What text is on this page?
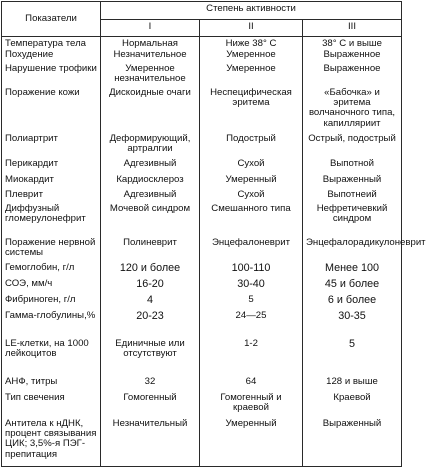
Показатели	Степень активности		
	I	II	III
Температура тела	Нормальная	Ниже 38° С	38° С и выше
Похудение	Незначительное	Умеренное	Выраженное
Нарушение трофики	Умеренное незначительное	Умеренное	Выраженное
Поражение кожи	Дискоидные очаги	Неспецифическая эритема	«Бабочка» и эритема волчаночного типа, капилляриит
Полиартрит	Деформирующий, артралгии	Подострый	Острый, подострый
Перикардит	Адгезивный	Сухой	Выпотной
Миокардит	Кардиосклероз	Умеренный	Выраженный
Плеврит	Адгезивный	Сухой	Выпотнеий
Диффузный гломерулонефрит	Мочевой синдром	Смешанного типа	Нефретичевкий синдром
Поражение нервной системы	Полиневрит	Энцефалоневрит	Энцефалорадикулоневрит
Гемоглобин, г/л	120 и более	100-110	Менее 100
СОЭ, мм/ч	16-20	30-40	45 и более
Фибриноген, г/л	4	5	6 и более
Гамма-глобулины,%	20-23	24—25	30-35
LE-клетки, на 1000 лейкоцитов	Единичные или отсутствуют	1-2	5
АНФ, титры	32	64	128 и выше
Тип свечения	Гомогенный	Гомогенный и краевой	Краевой
Антитела к нДНК, процент связывания ЦИК; 3,5%-я ПЭГ-препитация	Незначительный	Умеренный	Выраженный
